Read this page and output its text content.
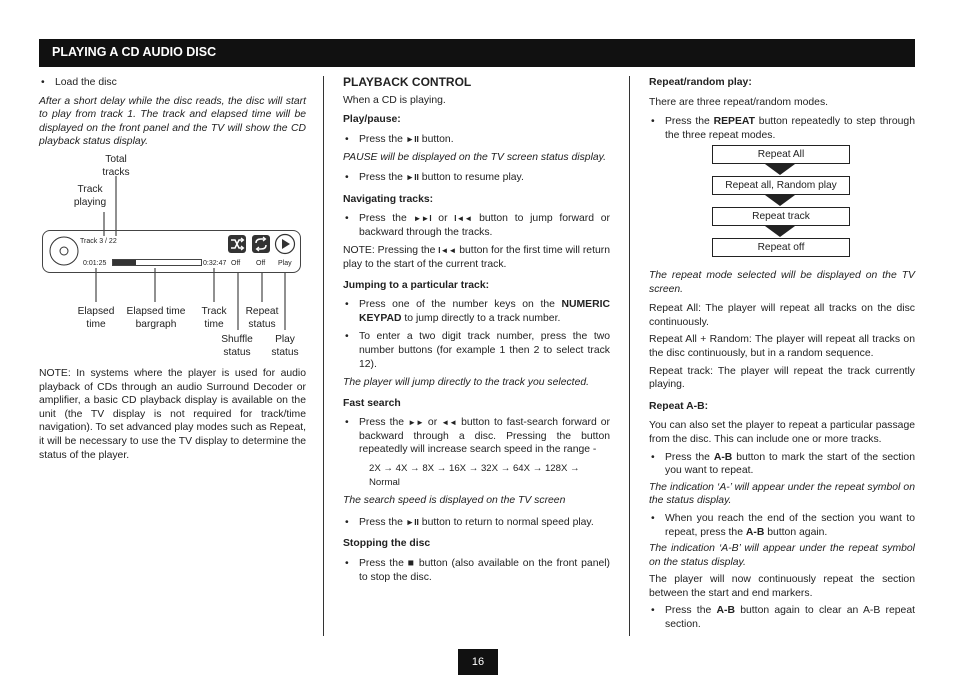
PLAYING A CD AUDIO DISC
• Load the disc

After a short delay while the disc reads, the disc will start to play from track 1. The track and elapsed time will be displayed on the front panel and the TV will show the CD playback status display.

Total tracks
Track playing
Track 3 / 22
0:01:25	0:32:47 Off Off Play
Elapsed time
Elapsed time bargraph
Track time
Repeat status
Shuffle status
Play status

NOTE: In systems where the player is used for audio playback of CDs through an audio Surround Decoder or amplifier, a basic CD playback display is available on the unit (the TV display is not required for track/time navigation). To set advanced play modes such as Repeat, it will be necessary to use the TV display to determine the status of the player.

PLAYBACK CONTROL

When a CD is playing.

Play/pause:
• Press the ►II button.

PAUSE will be displayed on the TV screen status display.

• Press the ►II button to resume play.
Navigating tracks:
• Press the ►►I or I◄◄ button to jump forward or backward through the tracks.

NOTE: Pressing the I◄◄ button for the first time will return play to the start of the current track.

Jumping to a particular track:
• Press one of the number keys on the NUMERIC KEYPAD to jump directly to a track number.
• To enter a two digit track number, press the two number buttons (for example 1 then 2 to select track 12).

The player will jump directly to the track you selected.

Fast search
• Press the ►► or ◄◄ button to fast-search forward or backward through a disc. Pressing the button repeatedly will increase search speed in the range -
2X → 4X → 8X → 16X → 32X → 64X → 128X → Normal

The search speed is displayed on the TV screen

• Press the ►II button to return to normal speed play.
Stopping the disc
• Press the ■ button (also available on the front panel) to stop the disc.
Repeat/random play:

There are three repeat/random modes.

• Press the REPEAT button repeatedly to step through the three repeat modes.
Repeat All
Repeat all, Random play
Repeat track
Repeat off

The repeat mode selected will be displayed on the TV screen.

Repeat All: The player will repeat all tracks on the disc continuously.

Repeat All + Random: The player will repeat all tracks on the disc continuously, but in a random sequence.

Repeat track: The player will repeat the track currently playing.

Repeat A-B:

You can also set the player to repeat a particular passage from the disc. This can include one or more tracks.

• Press the A-B button to mark the start of the section you want to repeat.

The indication ‘A-’ will appear under the repeat symbol on the status display.

• When you reach the end of the section you want to repeat, press the A-B button again.

The indication ‘A-B’ will appear under the repeat symbol on the status display.

The player will now continuously repeat the section between the start and end markers.

• Press the A-B button again to clear an A-B repeat section.
16
